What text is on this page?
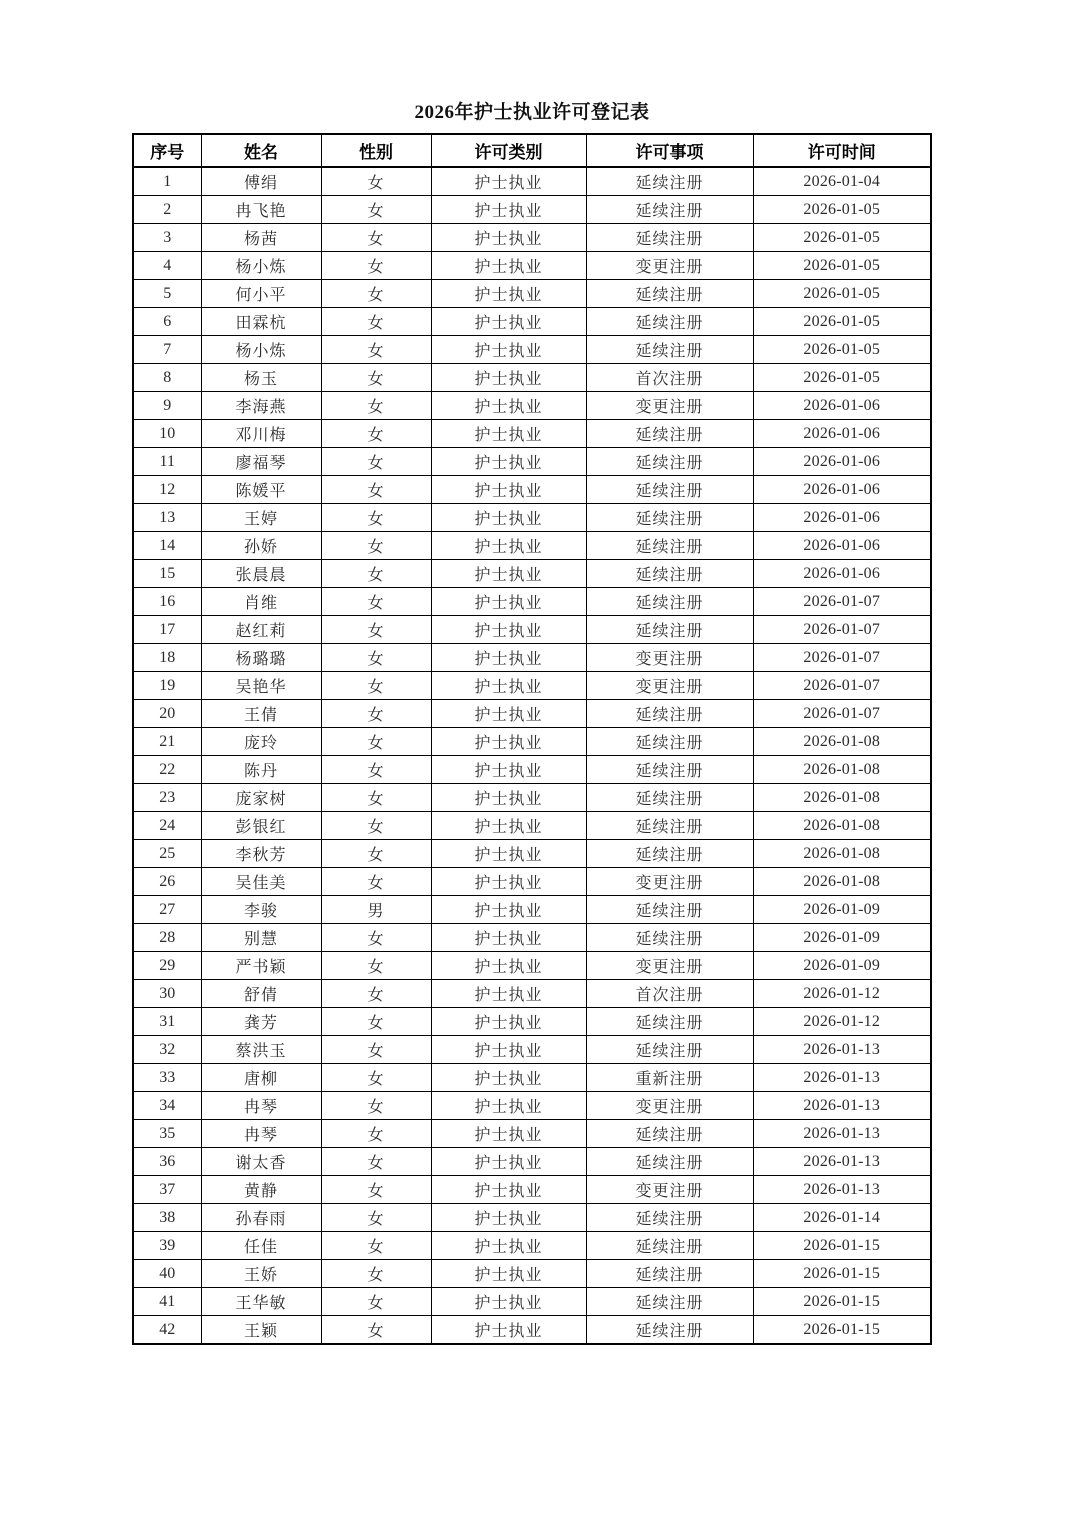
2026年护士执业许可登记表
序号	姓名	性别	许可类别	许可事项	许可时间
1	傅绢	女	护士执业	延续注册	2026-01-04
2	冉飞艳	女	护士执业	延续注册	2026-01-05
3	杨茜	女	护士执业	延续注册	2026-01-05
4	杨小炼	女	护士执业	变更注册	2026-01-05
5	何小平	女	护士执业	延续注册	2026-01-05
6	田霖杭	女	护士执业	延续注册	2026-01-05
7	杨小炼	女	护士执业	延续注册	2026-01-05
8	杨玉	女	护士执业	首次注册	2026-01-05
9	李海燕	女	护士执业	变更注册	2026-01-06
10	邓川梅	女	护士执业	延续注册	2026-01-06
11	廖福琴	女	护士执业	延续注册	2026-01-06
12	陈媛平	女	护士执业	延续注册	2026-01-06
13	王婷	女	护士执业	延续注册	2026-01-06
14	孙娇	女	护士执业	延续注册	2026-01-06
15	张晨晨	女	护士执业	延续注册	2026-01-06
16	肖维	女	护士执业	延续注册	2026-01-07
17	赵红莉	女	护士执业	延续注册	2026-01-07
18	杨璐璐	女	护士执业	变更注册	2026-01-07
19	吴艳华	女	护士执业	变更注册	2026-01-07
20	王倩	女	护士执业	延续注册	2026-01-07
21	庞玲	女	护士执业	延续注册	2026-01-08
22	陈丹	女	护士执业	延续注册	2026-01-08
23	庞家树	女	护士执业	延续注册	2026-01-08
24	彭银红	女	护士执业	延续注册	2026-01-08
25	李秋芳	女	护士执业	延续注册	2026-01-08
26	吴佳美	女	护士执业	变更注册	2026-01-08
27	李骏	男	护士执业	延续注册	2026-01-09
28	别慧	女	护士执业	延续注册	2026-01-09
29	严书颖	女	护士执业	变更注册	2026-01-09
30	舒倩	女	护士执业	首次注册	2026-01-12
31	龚芳	女	护士执业	延续注册	2026-01-12
32	蔡洪玉	女	护士执业	延续注册	2026-01-13
33	唐柳	女	护士执业	重新注册	2026-01-13
34	冉琴	女	护士执业	变更注册	2026-01-13
35	冉琴	女	护士执业	延续注册	2026-01-13
36	谢太香	女	护士执业	延续注册	2026-01-13
37	黄静	女	护士执业	变更注册	2026-01-13
38	孙春雨	女	护士执业	延续注册	2026-01-14
39	任佳	女	护士执业	延续注册	2026-01-15
40	王娇	女	护士执业	延续注册	2026-01-15
41	王华敏	女	护士执业	延续注册	2026-01-15
42	王颖	女	护士执业	延续注册	2026-01-15
